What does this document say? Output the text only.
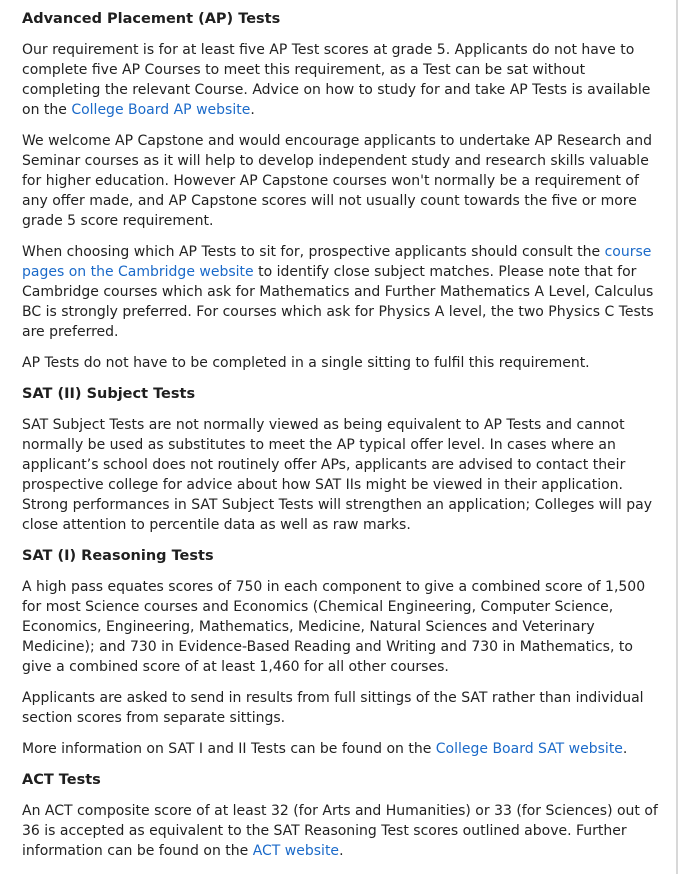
Advanced Placement (AP) Tests

Our requirement is for at least five AP Test scores at grade 5. Applicants do not have to complete five AP Courses to meet this requirement, as a Test can be sat without completing the relevant Course. Advice on how to study for and take AP Tests is available on the College Board AP website.

We welcome AP Capstone and would encourage applicants to undertake AP Research and Seminar courses as it will help to develop independent study and research skills valuable for higher education. However AP Capstone courses won't normally be a requirement of any offer made, and AP Capstone scores will not usually count towards the five or more grade 5 score requirement.

When choosing which AP Tests to sit for, prospective applicants should consult the course pages on the Cambridge website to identify close subject matches. Please note that for Cambridge courses which ask for Mathematics and Further Mathematics A Level, Calculus BC is strongly preferred. For courses which ask for Physics A level, the two Physics C Tests are preferred.

AP Tests do not have to be completed in a single sitting to fulfil this requirement.

SAT (II) Subject Tests

SAT Subject Tests are not normally viewed as being equivalent to AP Tests and cannot normally be used as substitutes to meet the AP typical offer level. In cases where an applicant’s school does not routinely offer APs, applicants are advised to contact their prospective college for advice about how SAT IIs might be viewed in their application. Strong performances in SAT Subject Tests will strengthen an application; Colleges will pay close attention to percentile data as well as raw marks.

SAT (I) Reasoning Tests

A high pass equates scores of 750 in each component to give a combined score of 1,500 for most Science courses and Economics (Chemical Engineering, Computer Science, Economics, Engineering, Mathematics, Medicine, Natural Sciences and Veterinary Medicine); and 730 in Evidence-Based Reading and Writing and 730 in Mathematics, to give a combined score of at least 1,460 for all other courses.

Applicants are asked to send in results from full sittings of the SAT rather than individual section scores from separate sittings.

More information on SAT I and II Tests can be found on the College Board SAT website.

ACT Tests

An ACT composite score of at least 32 (for Arts and Humanities) or 33 (for Sciences) out of 36 is accepted as equivalent to the SAT Reasoning Test scores outlined above. Further information can be found on the ACT website.
